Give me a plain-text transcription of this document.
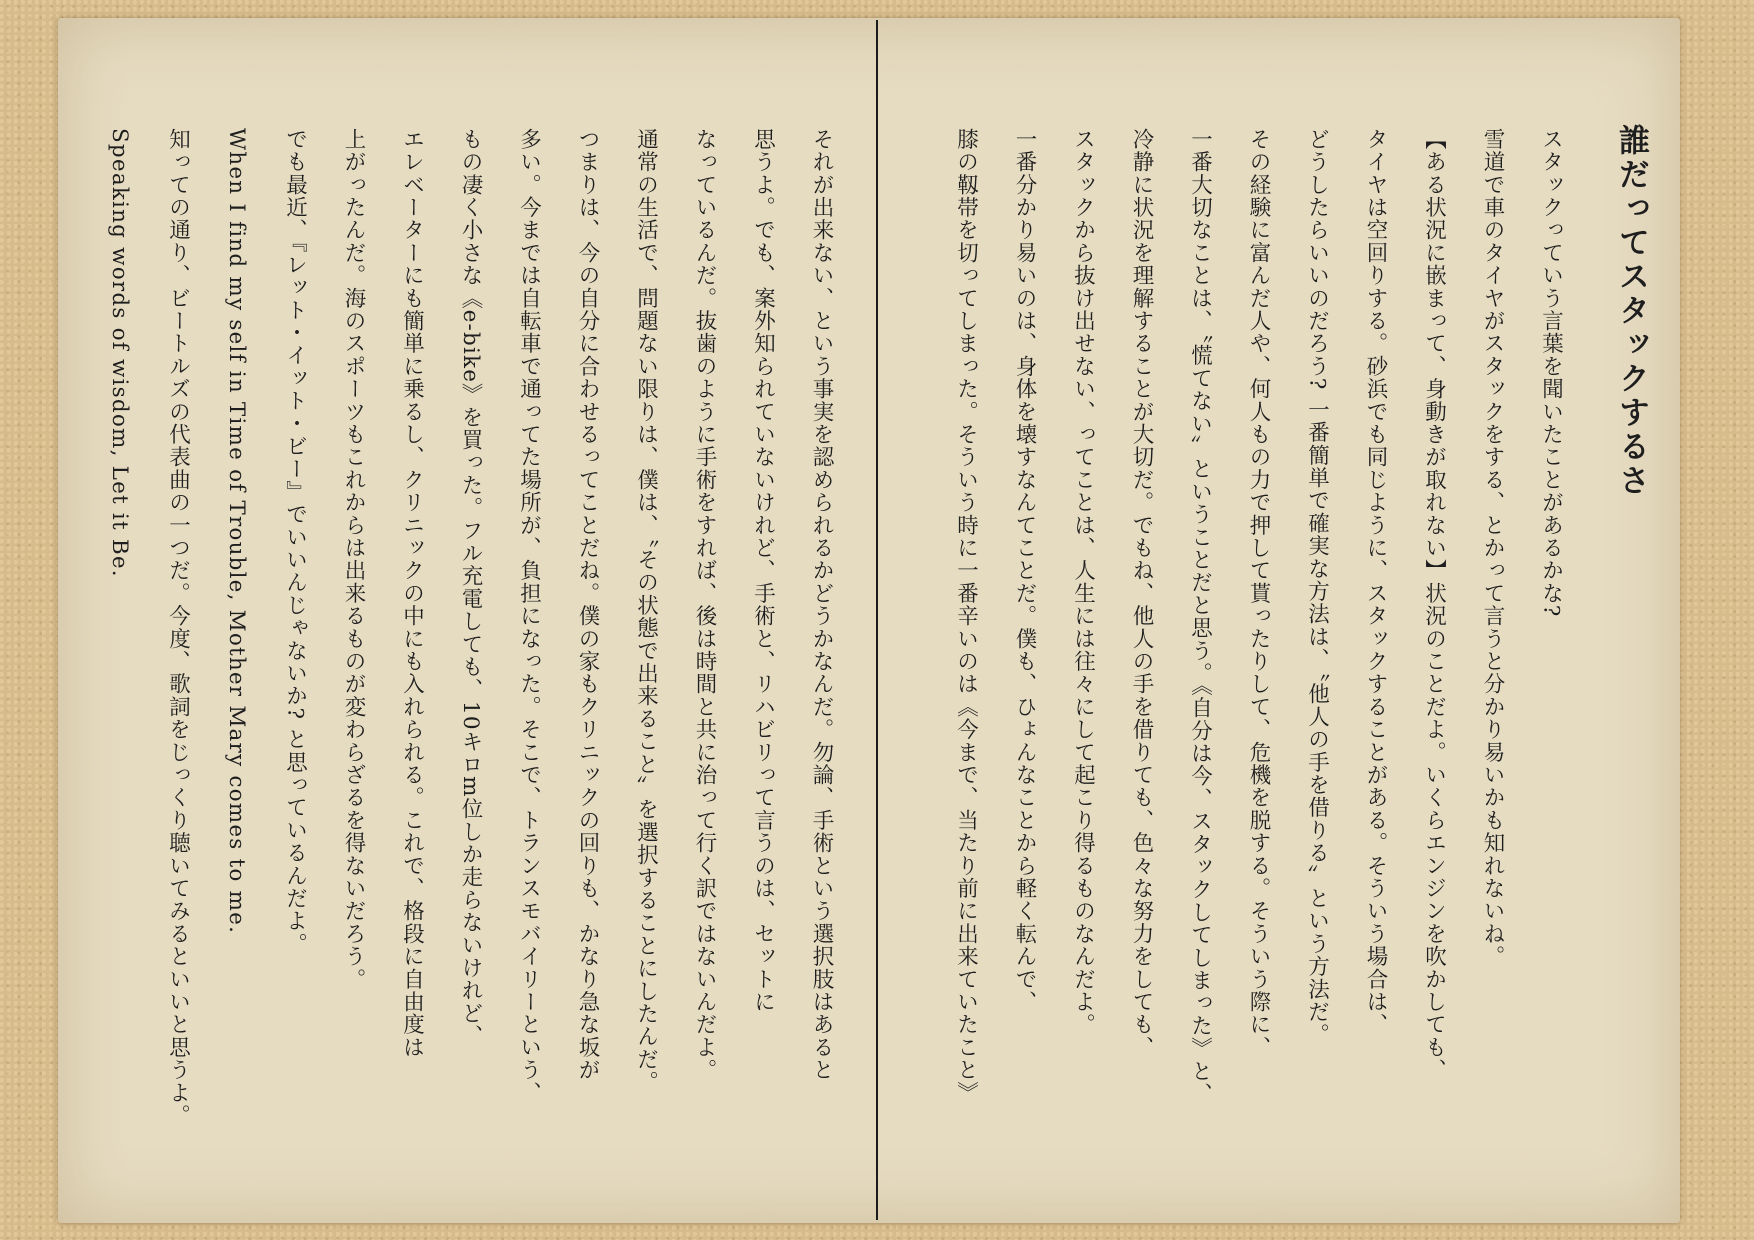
誰だってスタックするさ

スタックっていう言葉を聞いたことがあるかな?

雪道で車のタイヤがスタックをする、とかって言うと分かり易いかも知れないね。

【ある状況に嵌まって、身動きが取れない】状況のことだよ。いくらエンジンを吹かしても、

タイヤは空回りする。砂浜でも同じように、スタックすることがある。そういう場合は、

どうしたらいいのだろう? 一番簡単で確実な方法は、〝他人の手を借りる〟という方法だ。

その経験に富んだ人や、何人もの力で押して貰ったりして、危機を脱する。そういう際に、

一番大切なことは、〝慌てない〟ということだと思う。《自分は今、スタックしてしまった》と、

冷静に状況を理解することが大切だ。でもね、他人の手を借りても、色々な努力をしても、

スタックから抜け出せない、ってことは、人生には往々にして起こり得るものなんだよ。

一番分かり易いのは、身体を壊すなんてことだ。僕も、ひょんなことから軽く転んで、

膝の靱帯を切ってしまった。そういう時に一番辛いのは《今まで、当たり前に出来ていたこと》

それが出来ない、という事実を認められるかどうかなんだ。勿論、手術という選択肢はあると

思うよ。でも、案外知られていないけれど、手術と、リハビリって言うのは、セットに

なっているんだ。抜歯のように手術をすれば、後は時間と共に治って行く訳ではないんだよ。

通常の生活で、問題ない限りは、僕は、〝その状態で出来ること〟を選択することにしたんだ。

つまりは、今の自分に合わせるってことだね。僕の家もクリニックの回りも、かなり急な坂が

多い。今までは自転車で通ってた場所が、負担になった。そこで、トランスモバイリーという、

もの凄く小さな《e-bike》を買った。フル充電しても、10キロm位しか走らないけれど、

エレベーターにも簡単に乗るし、クリニックの中にも入れられる。これで、格段に自由度は

上がったんだ。海のスポーツもこれからは出来るものが変わらざるを得ないだろう。

でも最近、『レット・イット・ビー』でいいんじゃないか? と思っているんだよ。

When I find my self in Time of Trouble, Mother Mary comes to me.

知っての通り、ビートルズの代表曲の一つだ。今度、歌詞をじっくり聴いてみるといいと思うよ。

Speaking words of wisdom, Let it Be.
